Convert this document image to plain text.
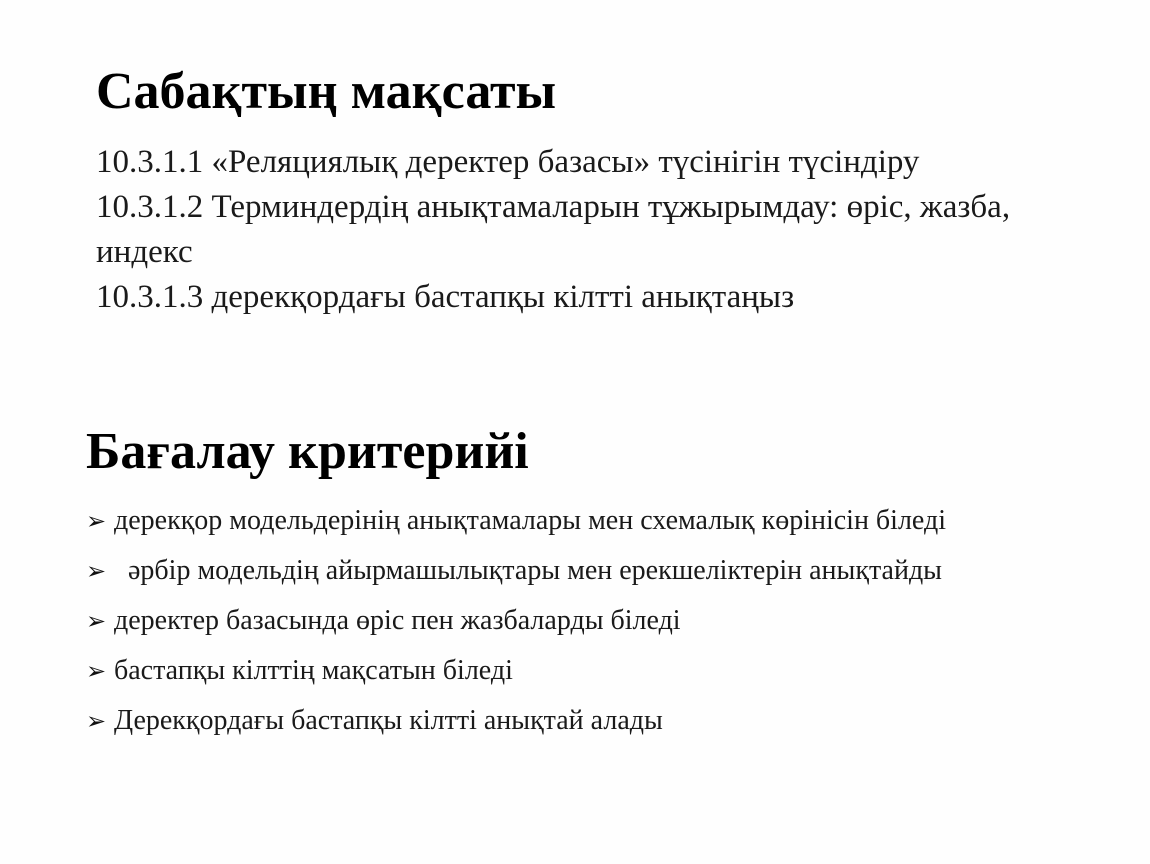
Сабақтың мақсаты
10.3.1.1 «Реляциялық деректер базасы» түсінігін түсіндіру
10.3.1.2 Терминдердің анықтамаларын тұжырымдау: өріс, жазба, индекс
10.3.1.3 дерекқордағы бастапқы кілтті анықтаңыз
Бағалау критерийі
➢ дерекқор модельдерінің анықтамалары мен схемалық көрінісін біледі
➢ әрбір модельдің айырмашылықтары мен ерекшеліктерін анықтайды
➢ деректер базасында өріс пен жазбаларды біледі
➢ бастапқы кілттің мақсатын біледі
➢ Дерекқордағы бастапқы кілтті анықтай алады
